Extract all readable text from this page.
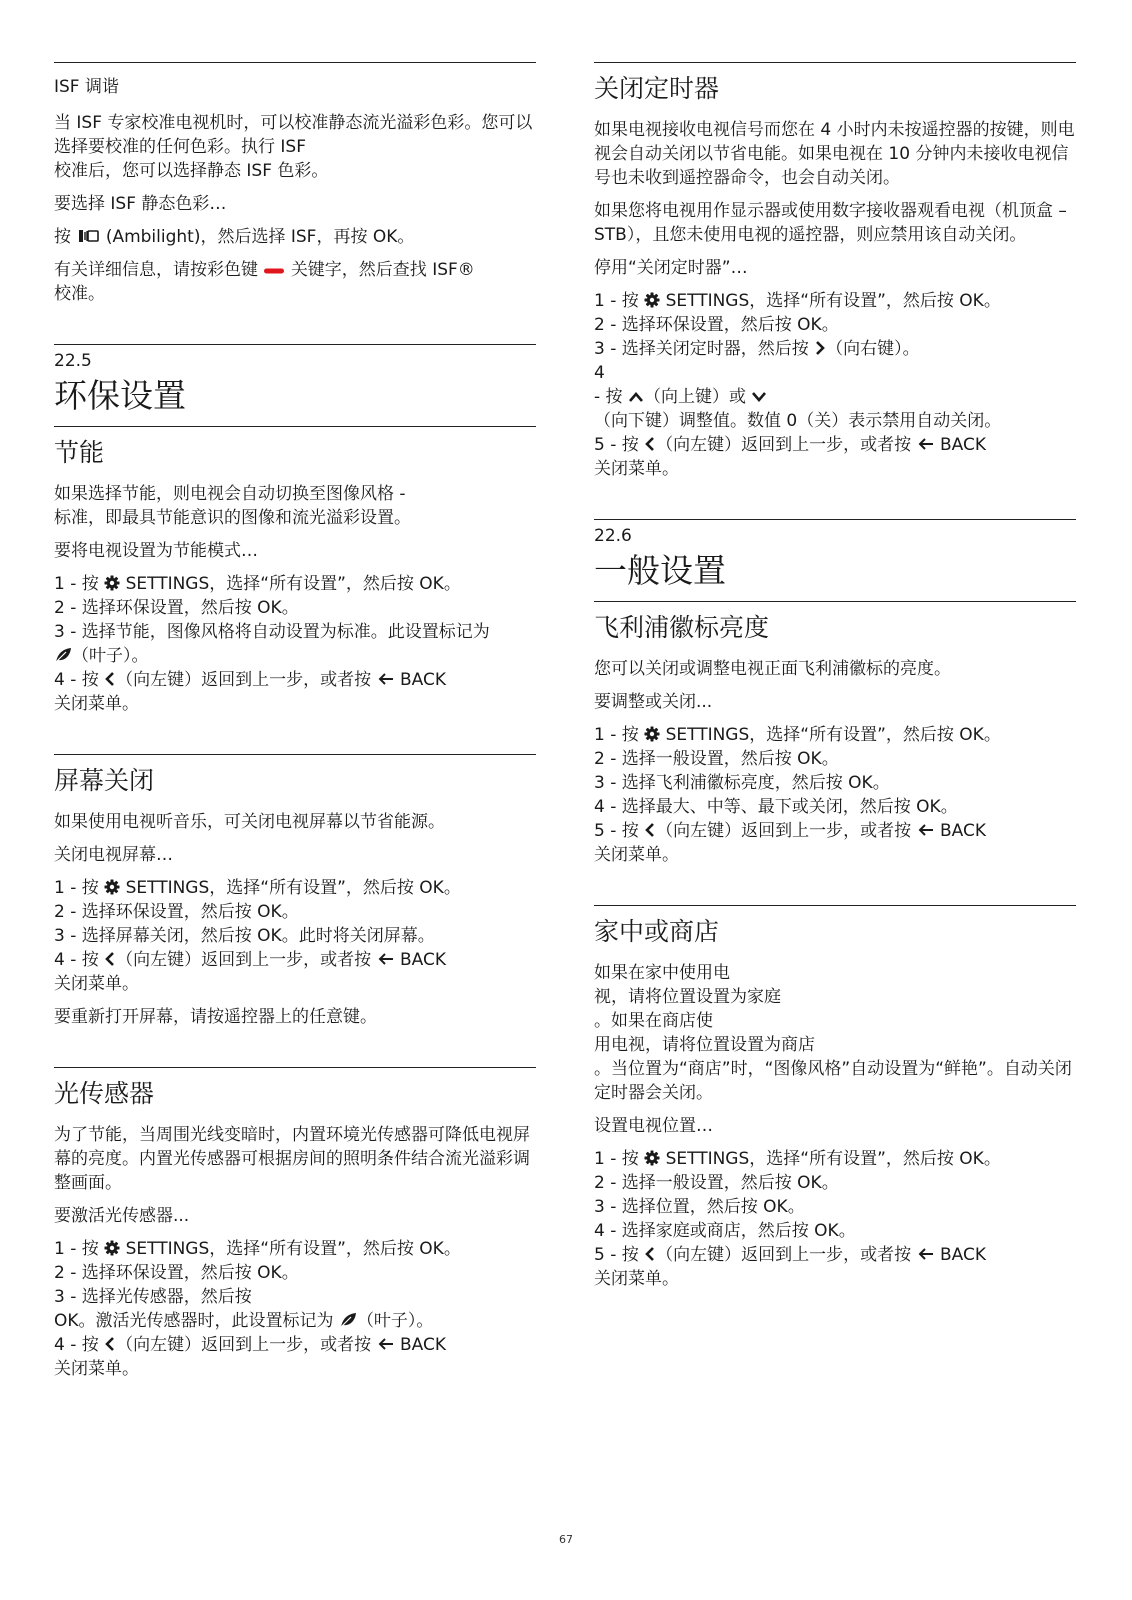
ISF 调谐

当 ISF 专家校准电视机时，可以校准静态流光溢彩色彩。您可以选择要校准的任何色彩。执行 ISF
校准后，您可以选择静态 ISF 色彩。

要选择 ISF 静态色彩…

按 (Ambilight)，然后选择 ISF，再按 OK。

有关详细信息，请按彩色键 关键字，然后查找 ISF®
校准。

22.5
环保设置
节能

如果选择节能，则电视会自动切换至图像风格 -
标准，即最具节能意识的图像和流光溢彩设置。

要将电视设置为节能模式…

1 - 按 SETTINGS，选择“所有设置”，然后按 OK。
2 - 选择环保设置，然后按 OK。
3 - 选择节能，图像风格将自动设置为标准。此设置标记为
（叶子）。
4 - 按 （向左键）返回到上一步，或者按 BACK
关闭菜单。
屏幕关闭

如果使用电视听音乐，可关闭电视屏幕以节省能源。

关闭电视屏幕…

1 - 按 SETTINGS，选择“所有设置”，然后按 OK。
2 - 选择环保设置，然后按 OK。
3 - 选择屏幕关闭，然后按 OK。此时将关闭屏幕。
4 - 按 （向左键）返回到上一步，或者按 BACK
关闭菜单。

要重新打开屏幕，请按遥控器上的任意键。

光传感器

为了节能，当周围光线变暗时，内置环境光传感器可降低电视屏幕的亮度。内置光传感器可根据房间的照明条件结合流光溢彩调整画面。

要激活光传感器...

1 - 按 SETTINGS，选择“所有设置”，然后按 OK。
2 - 选择环保设置，然后按 OK。
3 - 选择光传感器，然后按
OK。激活光传感器时，此设置标记为 （叶子）。
4 - 按 （向左键）返回到上一步，或者按 BACK
关闭菜单。
关闭定时器

如果电视接收电视信号而您在 4 小时内未按遥控器的按键，则电视会自动关闭以节省电能。如果电视在 10 分钟内未接收电视信号也未收到遥控器命令，也会自动关闭。

如果您将电视用作显示器或使用数字接收器观看电视（机顶盒 – STB），且您未使用电视的遥控器，则应禁用该自动关闭。

停用“关闭定时器”…

1 - 按 SETTINGS，选择“所有设置”，然后按 OK。
2 - 选择环保设置，然后按 OK。
3 - 选择关闭定时器，然后按 （向右键）。
4
- 按 （向上键）或
（向下键）调整值。数值 0（关）表示禁用自动关闭。
5 - 按 （向左键）返回到上一步，或者按 BACK
关闭菜单。
22.6
一般设置
飞利浦徽标亮度

您可以关闭或调整电视正面飞利浦徽标的亮度。

要调整或关闭...

1 - 按 SETTINGS，选择“所有设置”，然后按 OK。
2 - 选择一般设置，然后按 OK。
3 - 选择飞利浦徽标亮度，然后按 OK。
4 - 选择最大、中等、最下或关闭，然后按 OK。
5 - 按 （向左键）返回到上一步，或者按 BACK
关闭菜单。
家中或商店

如果在家中使用电
视，请将位置设置为家庭
。如果在商店使
用电视，请将位置设置为商店
。当位置为“商店”时，“图像风格”自动设置为“鲜艳”。自动关闭定时器会关闭。

设置电视位置…

1 - 按 SETTINGS，选择“所有设置”，然后按 OK。
2 - 选择一般设置，然后按 OK。
3 - 选择位置，然后按 OK。
4 - 选择家庭或商店，然后按 OK。
5 - 按 （向左键）返回到上一步，或者按 BACK
关闭菜单。
67
